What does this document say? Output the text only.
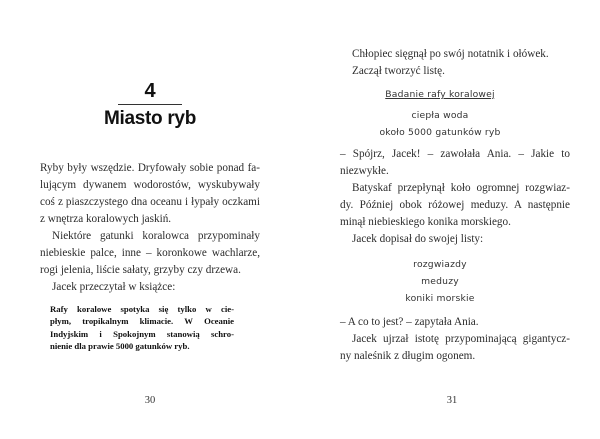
4
Miasto ryb
Ryby były wszędzie. Dryfowały sobie ponad fa-
lującym dywanem wodorostów, wyskubywały
coś z piaszczystego dna oceanu i łypały oczkami
z wnętrza koralowych jaskiń.
Niektóre gatunki koralowca przypominały
niebieskie palce, inne – koronkowe wachlarze,
rogi jelenia, liście sałaty, grzyby czy drzewa.
Jacek przeczytał w książce:
Rafy koralowe spotyka się tylko w cie-
płym, tropikalnym klimacie. W Oceanie
Indyjskim i Spokojnym stanowią schro-
nienie dla prawie 5000 gatunków ryb.
30
Chłopiec sięgnął po swój notatnik i ołówek.
Zaczął tworzyć listę.
Badanie rafy koralowej
ciepła woda
około 5000 gatunków ryb
– Spójrz, Jacek! – zawołała Ania. – Jakie to
niezwykłe.
Batyskaf przepłynął koło ogromnej rozgwiaz-
dy. Później obok różowej meduzy. A następnie
minął niebieskiego konika morskiego.
Jacek dopisał do swojej listy:
rozgwiazdy
meduzy
koniki morskie
– A co to jest? – zapytała Ania.
Jacek ujrzał istotę przypominającą gigantycz-
ny naleśnik z długim ogonem.
31
